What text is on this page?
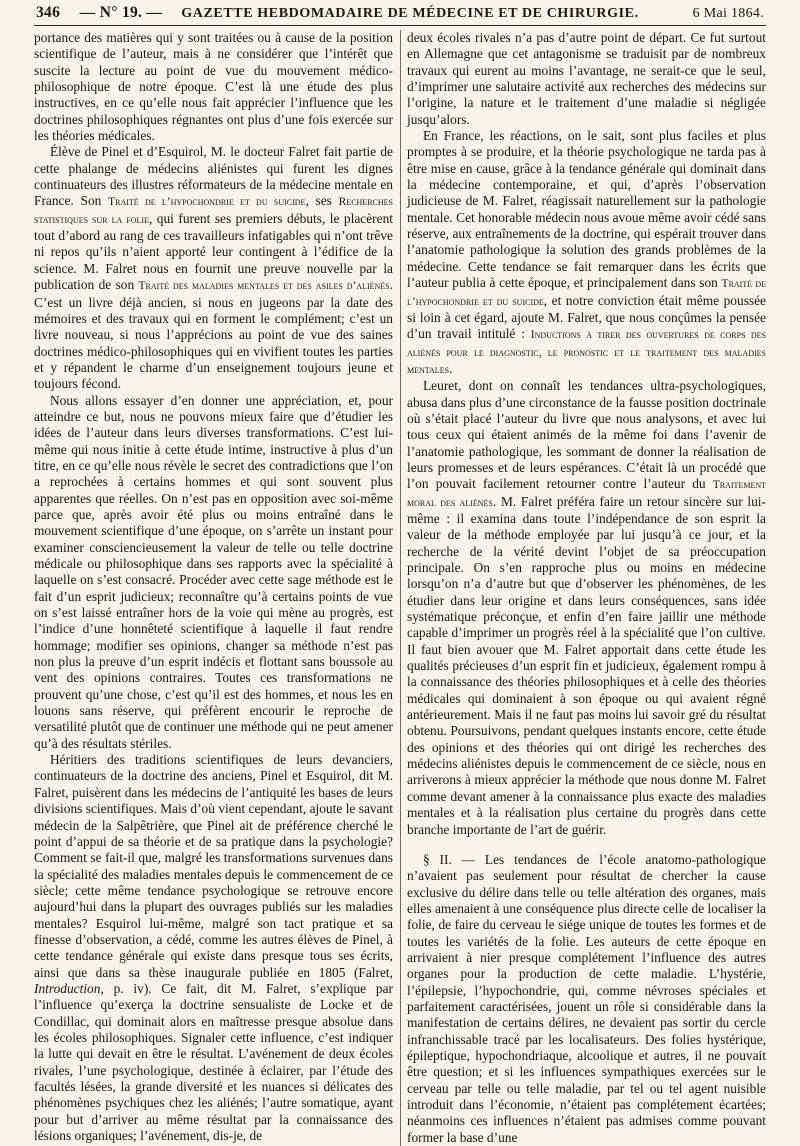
346	— N° 19. —	GAZETTE HEBDOMADAIRE DE MÉDECINE ET DE CHIRURGIE.	6 Mai 1864.

portance des matières qui y sont traitées ou à cause de la position scientifique de l’auteur, mais à ne considérer que l’intérêt que suscite la lecture au point de vue du mouvement médico-philosophique de notre époque. C’est là une étude des plus instructives, en ce qu’elle nous fait apprécier l’influence que les doctrines philosophiques régnantes ont plus d’une fois exercée sur les théories médicales.

Élève de Pinel et d’Esquirol, M. le docteur Falret fait partie de cette phalange de médecins aliénistes qui furent les dignes continuateurs des illustres réformateurs de la médecine mentale en France. Son Traité de l’hypochondrie et du suicide, ses Recherches statistiques sur la folie, qui furent ses premiers débuts, le placèrent tout d’abord au rang de ces travailleurs infatigables qui n’ont trêve ni repos qu’ils n’aient apporté leur contingent à l’édifice de la science. M. Falret nous en fournit une preuve nouvelle par la publication de son Traité des maladies mentales et des asiles d’aliénés. C’est un livre déjà ancien, si nous en jugeons par la date des mémoires et des travaux qui en forment le complément; c’est un livre nouveau, si nous l’apprécions au point de vue des saines doctrines médico-philosophiques qui en vivifient toutes les parties et y répandent le charme d’un enseignement toujours jeune et toujours fécond.

Nous allons essayer d’en donner une appréciation, et, pour atteindre ce but, nous ne pouvons mieux faire que d’étudier les idées de l’auteur dans leurs diverses transformations. C’est lui-même qui nous initie à cette étude intime, instructive à plus d’un titre, en ce qu’elle nous révèle le secret des contradictions que l’on a reprochées à certains hommes et qui sont souvent plus apparentes que réelles. On n’est pas en opposition avec soi-même parce que, après avoir été plus ou moins entraîné dans le mouvement scientifique d’une époque, on s’arrête un instant pour examiner consciencieusement la valeur de telle ou telle doctrine médicale ou philosophique dans ses rapports avec la spécialité à laquelle on s’est consacré. Procéder avec cette sage méthode est le fait d’un esprit judicieux; reconnaître qu’à certains points de vue on s’est laissé entraîner hors de la voie qui mène au progrès, est l’indice d’une honnêteté scientifique à laquelle il faut rendre hommage; modifier ses opinions, changer sa méthode n’est pas non plus la preuve d’un esprit indécis et flottant sans boussole au vent des opinions contraires. Toutes ces transformations ne prouvent qu’une chose, c’est qu’il est des hommes, et nous les en louons sans réserve, qui préfèrent encourir le reproche de versatilité plutôt que de continuer une méthode qui ne peut amener qu’à des résultats stériles.

Héritiers des traditions scientifiques de leurs devanciers, continuateurs de la doctrine des anciens, Pinel et Esquirol, dit M. Falret, puisèrent dans les médecins de l’antiquité les bases de leurs divisions scientifiques. Mais d’où vient cependant, ajoute le savant médecin de la Salpêtrière, que Pinel ait de préférence cherché le point d’appui de sa théorie et de sa pratique dans la psychologie? Comment se fait-il que, malgré les transformations survenues dans la spécialité des maladies mentales depuis le commencement de ce siècle; cette même tendance psychologique se retrouve encore aujourd’hui dans la plupart des ouvrages publiés sur les maladies mentales? Esquirol lui-même, malgré son tact pratique et sa finesse d’observation, a cédé, comme les autres élèves de Pinel, à cette tendance générale qui existe dans presque tous ses écrits, ainsi que dans sa thèse inaugurale publiée en 1805 (Falret, Introduction, p. iv). Ce fait, dit M. Falret, s’explique par l’influence qu’exerça la doctrine sensualiste de Locke et de Condillac, qui dominait alors en maîtresse presque absolue dans les écoles philosophiques. Signaler cette influence, c’est indiquer la lutte qui devait en être le résultat. L’avénement de deux écoles rivales, l’une psychologique, destinée à éclairer, par l’étude des facultés lésées, la grande diversité et les nuances si délicates des phénomènes psychiques chez les aliénés; l’autre somatique, ayant pour but d’arriver au même résultat par la connaissance des lésions organiques; l’avénement, dis-je, de

deux écoles rivales n’a pas d’autre point de départ. Ce fut surtout en Allemagne que cet antagonisme se traduisit par de nombreux travaux qui eurent au moins l’avantage, ne serait-ce que le seul, d’imprimer une salutaire activité aux recherches des médecins sur l’origine, la nature et le traitement d’une maladie si négligée jusqu’alors.

En France, les réactions, on le sait, sont plus faciles et plus promptes à se produire, et la théorie psychologique ne tarda pas à être mise en cause, grâce à la tendance générale qui dominait dans la médecine contemporaine, et qui, d’après l’observation judicieuse de M. Falret, réagissait naturellement sur la pathologie mentale. Cet honorable médecin nous avoue même avoir cédé sans réserve, aux entraînements de la doctrine, qui espérait trouver dans l’anatomie pathologique la solution des grands problèmes de la médecine. Cette tendance se fait remarquer dans les écrits que l’auteur publia à cette époque, et principalement dans son Traité de l’hypochondrie et du suicide, et notre conviction était même poussée si loin à cet égard, ajoute M. Falret, que nous conçûmes la pensée d’un travail intitulé : Inductions à tirer des ouvertures de corps des aliénés pour le diagnostic, le pronostic et le traitement des maladies mentales.

Leuret, dont on connaît les tendances ultra-psychologiques, abusa dans plus d’une circonstance de la fausse position doctrinale où s’était placé l’auteur du livre que nous analysons, et avec lui tous ceux qui étaient animés de la même foi dans l’avenir de l’anatomie pathologique, les sommant de donner la réalisation de leurs promesses et de leurs espérances. C’était là un procédé que l’on pouvait facilement retourner contre l’auteur du Traitement moral des aliénés. M. Falret préféra faire un retour sincère sur lui-même : il examina dans toute l’indépendance de son esprit la valeur de la méthode employée par lui jusqu’à ce jour, et la recherche de la vérité devint l’objet de sa préoccupation principale. On s’en rapproche plus ou moins en médecine lorsqu’on n’a d’autre but que d’observer les phénomènes, de les étudier dans leur origine et dans leurs conséquences, sans idée systématique préconçue, et enfin d’en faire jaillir une méthode capable d’imprimer un progrès réel à la spécialité que l’on cultive. Il faut bien avouer que M. Falret apportait dans cette étude les qualités précieuses d’un esprit fin et judicieux, également rompu à la connaissance des théories philosophiques et à celle des théories médicales qui dominaient à son époque ou qui avaient régné antérieurement. Mais il ne faut pas moins lui savoir gré du résultat obtenu. Poursuivons, pendant quelques instants encore, cette étude des opinions et des théories qui ont dirigé les recherches des médecins aliénistes depuis le commencement de ce siècle, nous en arriverons à mieux apprécier la méthode que nous donne M. Falret comme devant amener à la connaissance plus exacte des maladies mentales et à la réalisation plus certaine du progrès dans cette branche importante de l’art de guérir.

§ II. — Les tendances de l’école anatomo-pathologique n’avaient pas seulement pour résultat de chercher la cause exclusive du délire dans telle ou telle altération des organes, mais elles amenaient à une conséquence plus directe celle de localiser la folie, de faire du cerveau le siége unique de toutes les formes et de toutes les variétés de la folie. Les auteurs de cette époque en arrivaient à nier presque complétement l’influence des autres organes pour la production de cette maladie. L’hystérie, l’épilepsie, l’hypochondrie, qui, comme névroses spéciales et parfaitement caractérisées, jouent un rôle si considérable dans la manifestation de certains délires, ne devaient pas sortir du cercle infranchissable tracé par les localisateurs. Des folies hystérique, épileptique, hypochondriaque, alcoolique et autres, il ne pouvait être question; et si les influences sympathiques exercées sur le cerveau par telle ou telle maladie, par tel ou tel agent nuisible introduit dans l’économie, n’étaient pas complétement écartées; néanmoins ces influences n’étaient pas admises comme pouvant former la base d’une
